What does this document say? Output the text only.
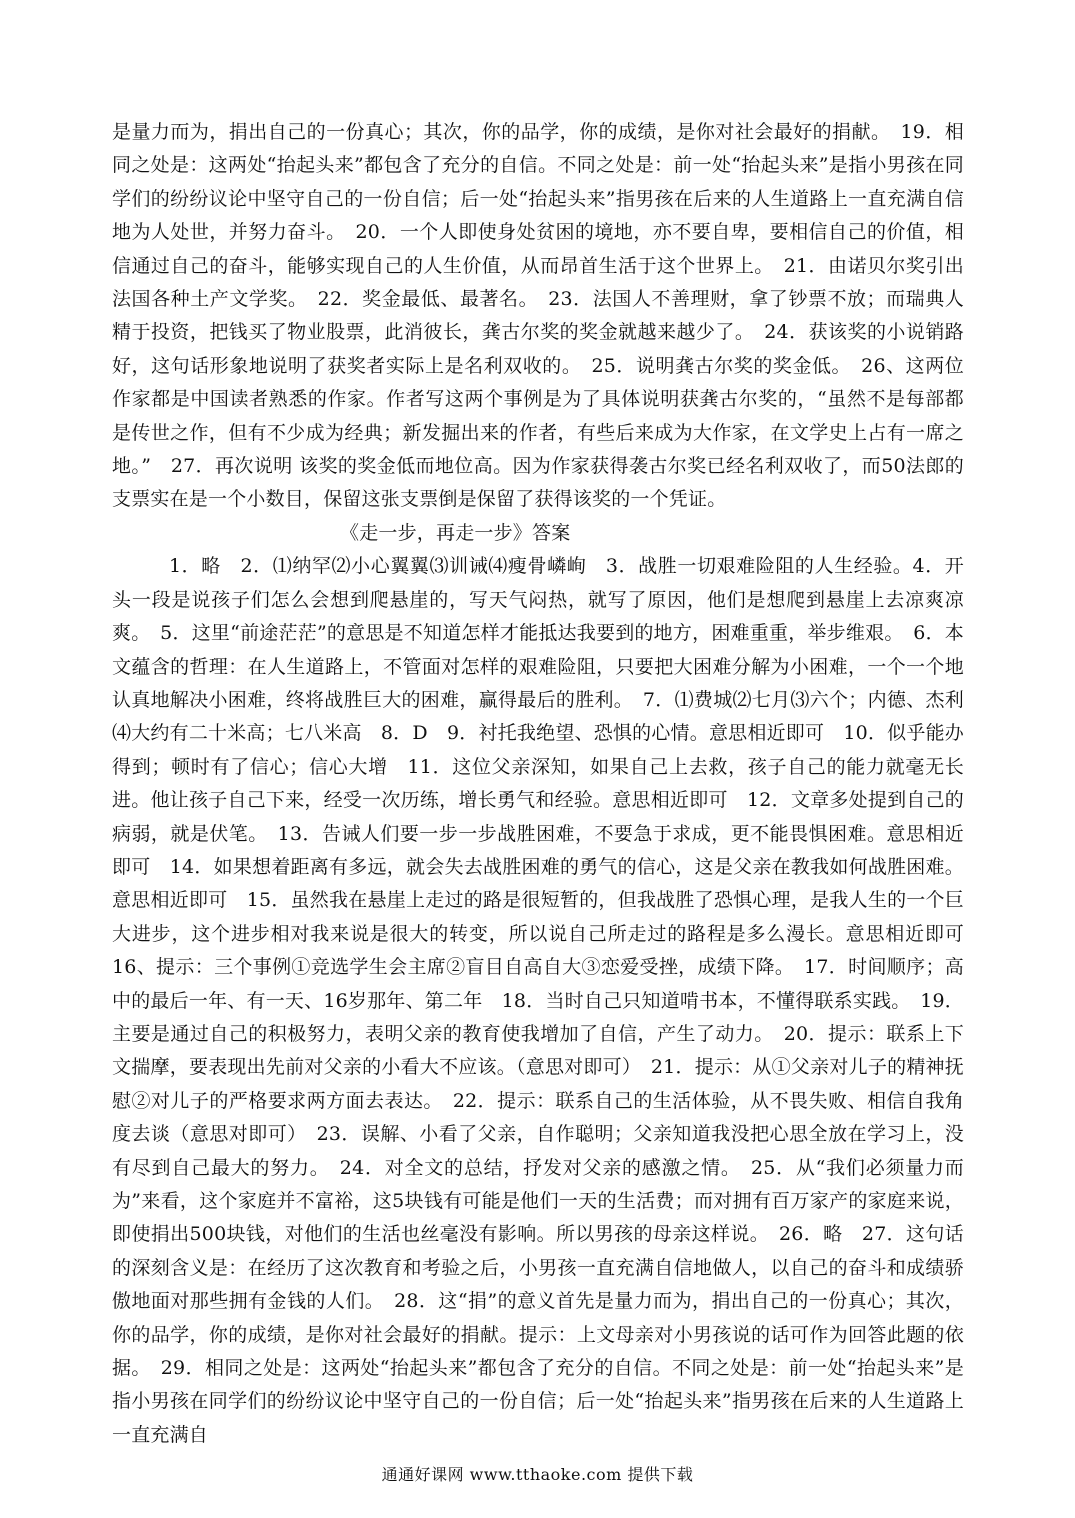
是量力而为，捐出自己的一份真心；其次，你的品学，你的成绩，是你对社会最好的捐献。　19．相同之处是：这两处“抬起头来”都包含了充分的自信。不同之处是：前一处“抬起头来”是指小男孩在同学们的纷纷议论中坚守自己的一份自信；后一处“抬起头来”指男孩在后来的人生道路上一直充满自信地为人处世，并努力奋斗。　20．一个人即使身处贫困的境地，亦不要自卑，要相信自己的价值，相信通过自己的奋斗，能够实现自己的人生价值，从而昂首生活于这个世界上。　21．由诺贝尔奖引出法国各种土产文学奖。　22．奖金最低、最著名。　23．法国人不善理财，拿了钞票不放；而瑞典人精于投资，把钱买了物业股票，此消彼长，龚古尔奖的奖金就越来越少了。　24．获该奖的小说销路好，这句话形象地说明了获奖者实际上是名利双收的。　25．说明龚古尔奖的奖金低。　26、这两位作家都是中国读者熟悉的作家。作者写这两个事例是为了具体说明获龚古尔奖的，“虽然不是每部都是传世之作，但有不少成为经典；新发掘出来的作者，有些后来成为大作家，在文学史上占有一席之地。”　27．再次说明 该奖的奖金低而地位高。因为作家获得袭古尔奖已经名利双收了，而50法郎的支票实在是一个小数目，保留这张支票倒是保留了获得该奖的一个凭证。

《走一步，再走一步》答案

1．略　2．⑴纳罕⑵小心翼翼⑶训诫⑷瘦骨嶙峋　3．战胜一切艰难险阻的人生经验。4．开头一段是说孩子们怎么会想到爬悬崖的，写天气闷热，就写了原因，他们是想爬到悬崖上去凉爽凉爽。　5．这里“前途茫茫”的意思是不知道怎样才能抵达我要到的地方，困难重重，举步维艰。　6．本文蕴含的哲理：在人生道路上，不管面对怎样的艰难险阻，只要把大困难分解为小困难，一个一个地认真地解决小困难，终将战胜巨大的困难，赢得最后的胜利。　7．⑴费城⑵七月⑶六个；内德、杰利⑷大约有二十米高；七八米高　8．D　9．衬托我绝望、恐惧的心情。意思相近即可　10．似乎能办得到；顿时有了信心；信心大增　11．这位父亲深知，如果自己上去救，孩子自己的能力就毫无长进。他让孩子自己下来，经受一次历练，增长勇气和经验。意思相近即可　12．文章多处提到自己的病弱，就是伏笔。　13．告诫人们要一步一步战胜困难，不要急于求成，更不能畏惧困难。意思相近即可　14．如果想着距离有多远，就会失去战胜困难的勇气的信心，这是父亲在教我如何战胜困难。意思相近即可　15．虽然我在悬崖上走过的路是很短暂的，但我战胜了恐惧心理，是我人生的一个巨大进步，这个进步相对我来说是很大的转变，所以说自己所走过的路程是多么漫长。意思相近即可　16、提示：三个事例①竞选学生会主席②盲目自高自大③恋爱受挫，成绩下降。　17．时间顺序；高中的最后一年、有一天、16岁那年、第二年　18．当时自己只知道啃书本，不懂得联系实践。　19．主要是通过自己的积极努力，表明父亲的教育使我增加了自信，产生了动力。　20．提示：联系上下文揣摩，要表现出先前对父亲的小看大不应该。（意思对即可）　21．提示：从①父亲对儿子的精神抚慰②对儿子的严格要求两方面去表达。　22．提示：联系自己的生活体验，从不畏失败、相信自我角度去谈（意思对即可）　23．误解、小看了父亲，自作聪明；父亲知道我没把心思全放在学习上，没有尽到自己最大的努力。　24．对全文的总结，抒发对父亲的感激之情。　25．从“我们必须量力而为”来看，这个家庭并不富裕，这5块钱有可能是他们一天的生活费；而对拥有百万家产的家庭来说，即使捐出500块钱，对他们的生活也丝毫没有影响。所以男孩的母亲这样说。　26．略　27．这句话的深刻含义是：在经历了这次教育和考验之后，小男孩一直充满自信地做人，以自己的奋斗和成绩骄傲地面对那些拥有金钱的人们。　28．这“捐”的意义首先是量力而为，捐出自己的一份真心；其次，你的品学，你的成绩，是你对社会最好的捐献。提示：上文母亲对小男孩说的话可作为回答此题的依据。　29．相同之处是：这两处“抬起头来”都包含了充分的自信。不同之处是：前一处“抬起头来”是指小男孩在同学们的纷纷议论中坚守自己的一份自信；后一处“抬起头来”指男孩在后来的人生道路上一直充满自

通通好课网 www.tthaoke.com 提供下载
